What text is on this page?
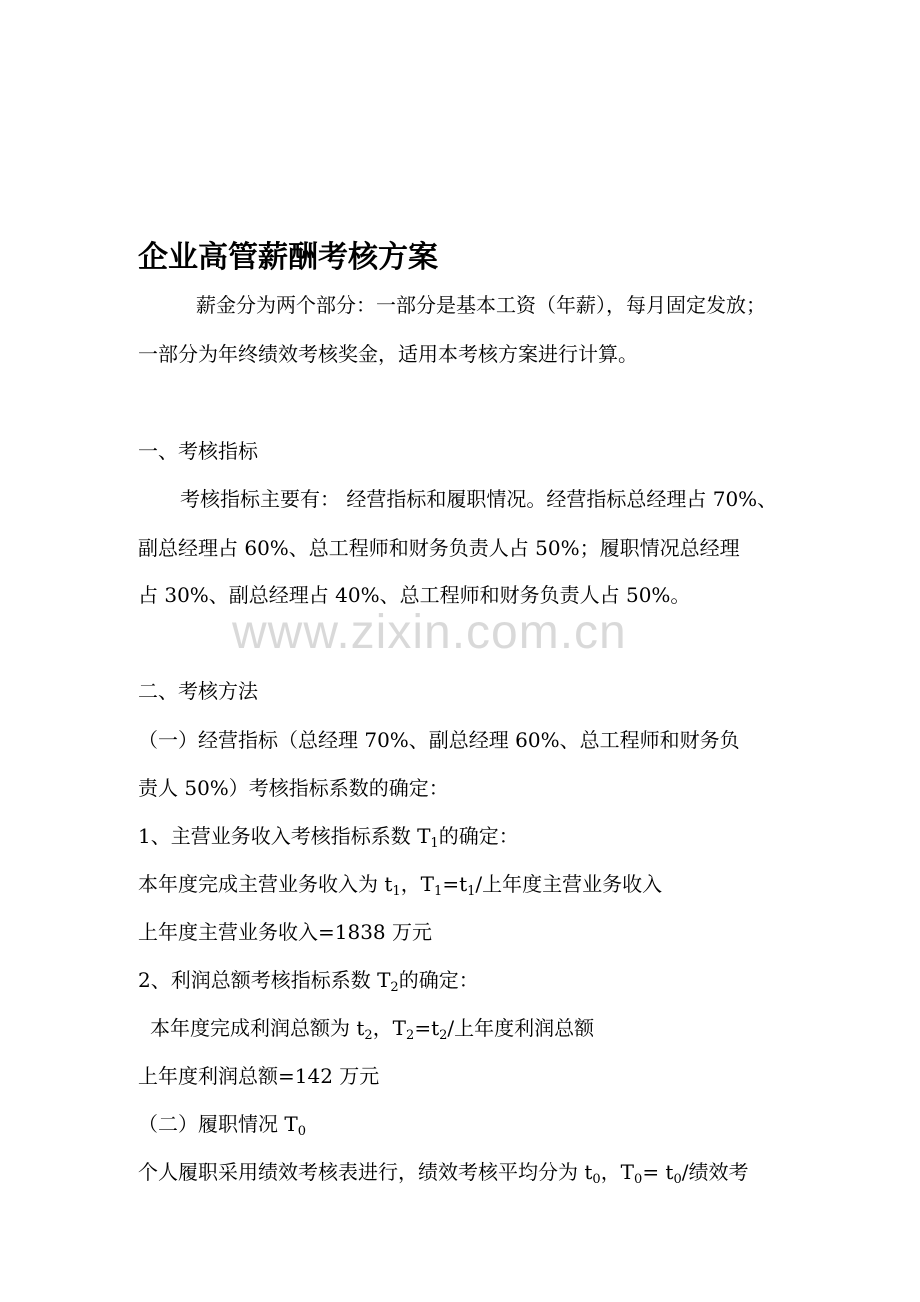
企业高管薪酬考核方案

薪金分为两个部分：一部分是基本工资（年薪），每月固定发放；

一部分为年终绩效考核奖金，适用本考核方案进行计算。

一、考核指标

考核指标主要有： 经营指标和履职情况。经营指标总经理占 70%、

副总经理占 60%、总工程师和财务负责人占 50%；履职情况总经理

占 30%、副总经理占 40%、总工程师和财务负责人占 50%。

www.zixin.com.cn

二、考核方法

（一）经营指标（总经理 70%、副总经理 60%、总工程师和财务负

责人 50%）考核指标系数的确定：

1、主营业务收入考核指标系数 $T_1$的确定：

本年度完成主营业务收入为 $t_1$，$T_1=t_1/$上年度主营业务收入

上年度主营业务收入=1838 万元

2、利润总额考核指标系数 $T_2$的确定：

本年度完成利润总额为 $t_2$，$T_2=t_2/$上年度利润总额

上年度利润总额=142 万元

（二）履职情况 $T_0$

个人履职采用绩效考核表进行，绩效考核平均分为 $t_0$，$T_0= t_0/$绩效考
